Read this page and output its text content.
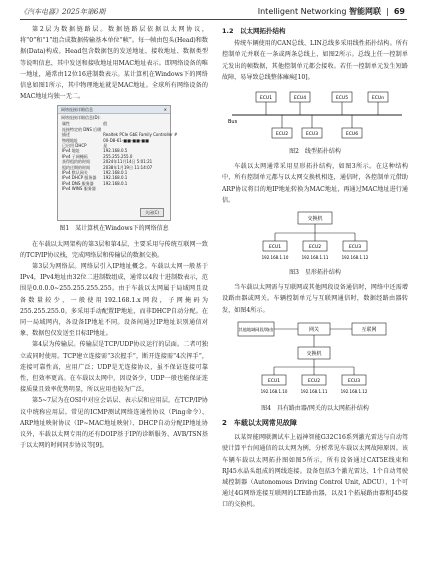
《汽车电器》2025年第6期	Intelligent Networking 智能网联  |  69

第2层为数据链路层。数据链路层依据以太网协议，将“0”和“1”组合成数据传输基本单位“帧”。每一帧由包头(Head)和数据(Data)构成。Head包含数据包的发送地址、接收地址、数据类型等说明信息，其中发送和接收地址用MAC地址表示。即网络设备的唯一地址，通常由12位16进制数表示。某计算机在Windows下的网络信息如图1所示，其中物理地址就是MAC地址。全球所有网络设备的MAC地址均独一无二。

网络连接详细信息	✕
网络连接详细信息(D):
属性	值
连接特定的 DNS 后缀	
描述	Realtek PCIe GbE Family Controller #
物理地址	00-D8-61-■■-■■-■■
已启用 DHCP	是
IPv4 地址	192.168.0.5
IPv4 子网掩码	255.255.255.0
获得租约的时间	2024年11月14日 5:01:21
租约过期的时间	2038年1月19日 11:14:07
IPv4 默认网关	192.168.0.1
IPv4 DHCP 服务器	192.168.0.1
IPv4 DNS 服务器	192.168.0.1
IPv4 WINS 服务器	
关闭(C)

图1　某计算机在Windows下的网络信息

在车载以太网架构的第3层和第4层，主要采用与传统互联网一致的TCP/IP协议栈，完成网络层和传输层的数据交换。

第3层为网络层。网络层引入IP地址概念。车载以太网一般基于IPv4，IPv4地址由32位二进制数组成，通常以4段十进制数表示，范围是0.0.0.0~255.255.255.255。由于车载以太网属于局域网且设备数量较少，一般使用192.168.1.x网段，子网掩码为255.255.255.0。多采用手动配置IP地址，而非DHCP自动分配。在同一局域网内，各设备IP地址不同。设备间通过IP地址识别通信对象，数据包仅发送至目标IP地址。

第4层为传输层。传输层是TCP/UDP协议运行的层面。二者可独立或同时使用。TCP建立连接需“3次握手”，断开连接需“4次挥手”，连接可靠性高，应用广泛；UDP是无连接协议，虽不保证连接可靠性，但效率更高。在车载以太网中，因设备少，UDP一般也能保证连接质量且效率优势明显，所以应用也较为广泛。

第5~7层为在OSI中对应会话层、表示层和应用层，在TCP/IP协议中统称应用层。常见的ICMP测试网络连通性协议（Ping命令）、ARP地址映射协议（IP~MAC地址映射）、DHCP自动分配IP地址协议外，车载以太网专用的还有DOIP基于IP的诊断服务、AVB/TSN基于以太网的时间同步协议等[9]。

1.2　以太网拓扑结构

传统车辆使用的CAN总线、LIN总线多采用线性拓扑结构。所有控制单元并联在一条或两条总线上，如图2所示。总线上任一控制单元发出的帧数据，其他控制单元都会接收。若任一控制单元发生短路故障，易导致总线整体瘫痪[10]。

Bus
ECU1
ECU2	ECU3
ECU4	ECU5
ECU6
ECUn

图2　线型拓扑结构

车载以太网通常采用星形拓扑结构，如图3所示。在这种结构中，所有控制单元都与以太网交换机相连，通信时，各控制单元借助ARP协议将目的地IP地址转换为MAC地址，再通过MAC地址进行通信。

交换机
ECU1
192.168.1.10
ECU2
192.168.1.11
ECU3
192.168.1.12

图3　星形拓扑结构

当车载以太网需与互联网或其他网段设备通信时，网络中还需增设路由器或网关。车辆控制单元与互联网通信时，数据经路由器转发，如图4所示。

其他地域网段/路由	网关	互联网
交换机
ECU1
192.168.1.10
ECU2
192.168.1.11
ECU3
192.168.1.12

图4　具有路由器/网关的以太网拓扑结构

2　车载以太网常见故障

以某智能网联测试车上福神智能G32C16系列激光雷达与自动驾驶计算平台间通信的以太网为例，分析常见车载以太网故障原因。该车辆车载以太网拓扑图如图5所示，所有设备通过CAT5E线束和RJ45水晶头组成的网线连接。设备包括3个激光雷达、1个自动驾驶域控制器（Autonomous Driving Control Unit, ADCU）、1个可通过4G网络连接互联网的LTE路由器，以及1个拓展路由器和J45接口的交换机。
